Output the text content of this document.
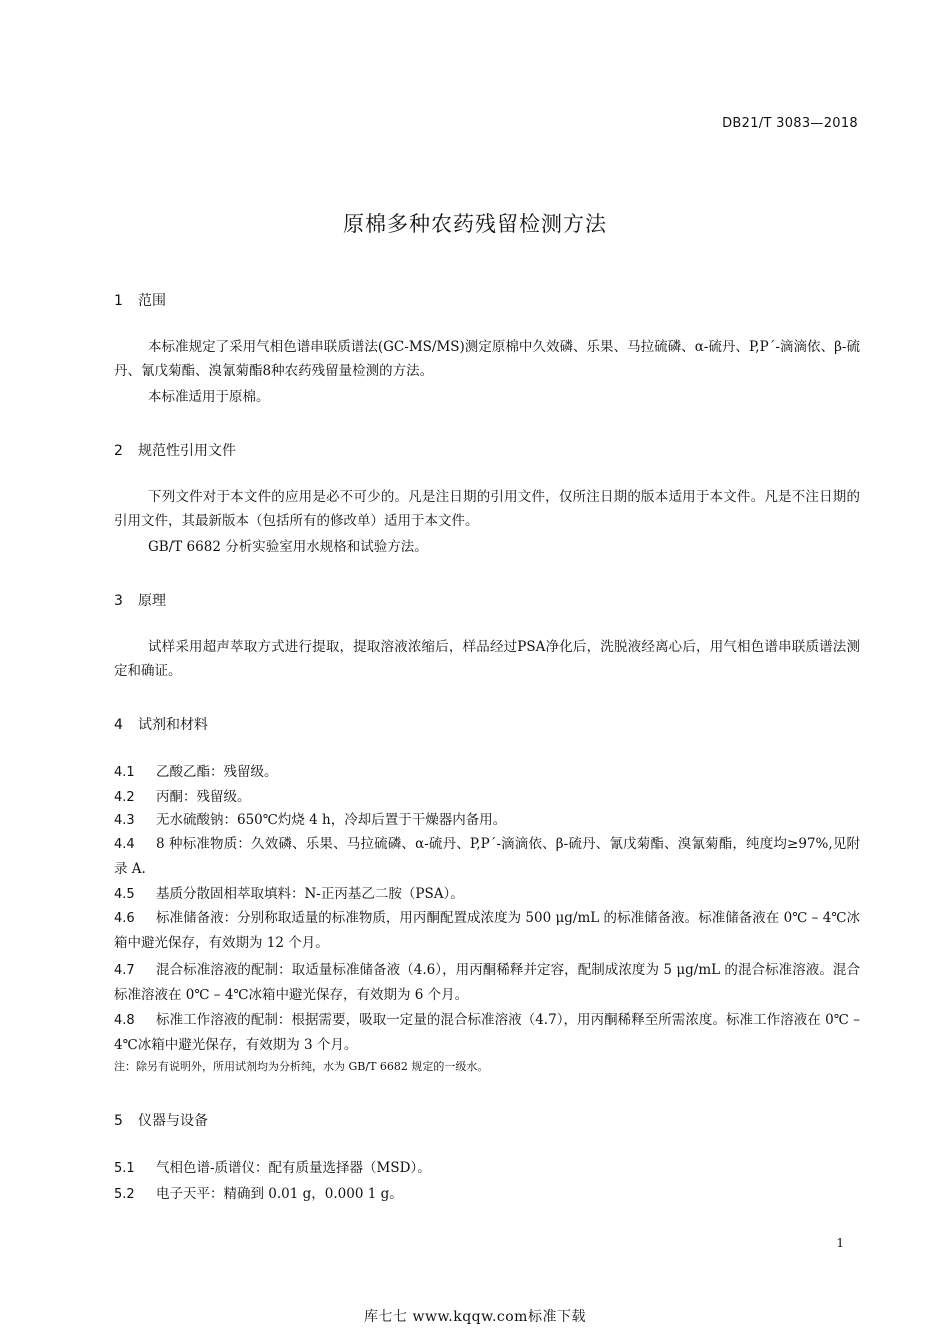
DB21/T 3083—2018
原棉多种农药残留检测方法
1 范围
本标准规定了采用气相色谱串联质谱法(GC-MS/MS)测定原棉中久效磷、乐果、马拉硫磷、α-硫丹、P,P´-滴滴依、β-硫丹、氰戊菊酯、溴氰菊酯8种农药残留量检测的方法。
本标准适用于原棉。
2 规范性引用文件
下列文件对于本文件的应用是必不可少的。凡是注日期的引用文件，仅所注日期的版本适用于本文件。凡是不注日期的引用文件，其最新版本（包括所有的修改单）适用于本文件。
GB/T 6682 分析实验室用水规格和试验方法。
3 原理
试样采用超声萃取方式进行提取，提取溶液浓缩后，样品经过PSA净化后，洗脱液经离心后，用气相色谱串联质谱法测定和确证。
4 试剂和材料
4.1 乙酸乙酯：残留级。
4.2 丙酮：残留级。
4.3 无水硫酸钠：650℃灼烧 4 h，冷却后置于干燥器内备用。
4.4 8 种标准物质：久效磷、乐果、马拉硫磷、α-硫丹、P,P´-滴滴依、β-硫丹、氰戊菊酯、溴氰菊酯，纯度均≥97%,见附录 A.
4.5 基质分散固相萃取填料：N-正丙基乙二胺（PSA）。
4.6 标准储备液：分别称取适量的标准物质，用丙酮配置成浓度为 500 μg/mL 的标准储备液。标准储备液在 0℃ – 4℃冰箱中避光保存，有效期为 12 个月。
4.7 混合标准溶液的配制：取适量标准储备液（4.6），用丙酮稀释并定容，配制成浓度为 5 μg/mL 的混合标准溶液。混合标准溶液在 0℃ – 4℃冰箱中避光保存，有效期为 6 个月。
4.8 标准工作溶液的配制：根据需要，吸取一定量的混合标准溶液（4.7），用丙酮稀释至所需浓度。标准工作溶液在 0℃ – 4℃冰箱中避光保存，有效期为 3 个月。
注：除另有说明外，所用试剂均为分析纯，水为 GB/T 6682 规定的一级水。
5 仪器与设备
5.1 气相色谱-质谱仪：配有质量选择器（MSD）。
5.2 电子天平：精确到 0.01 g，0.000 1 g。
1
库七七 www.kqqw.com标准下载
